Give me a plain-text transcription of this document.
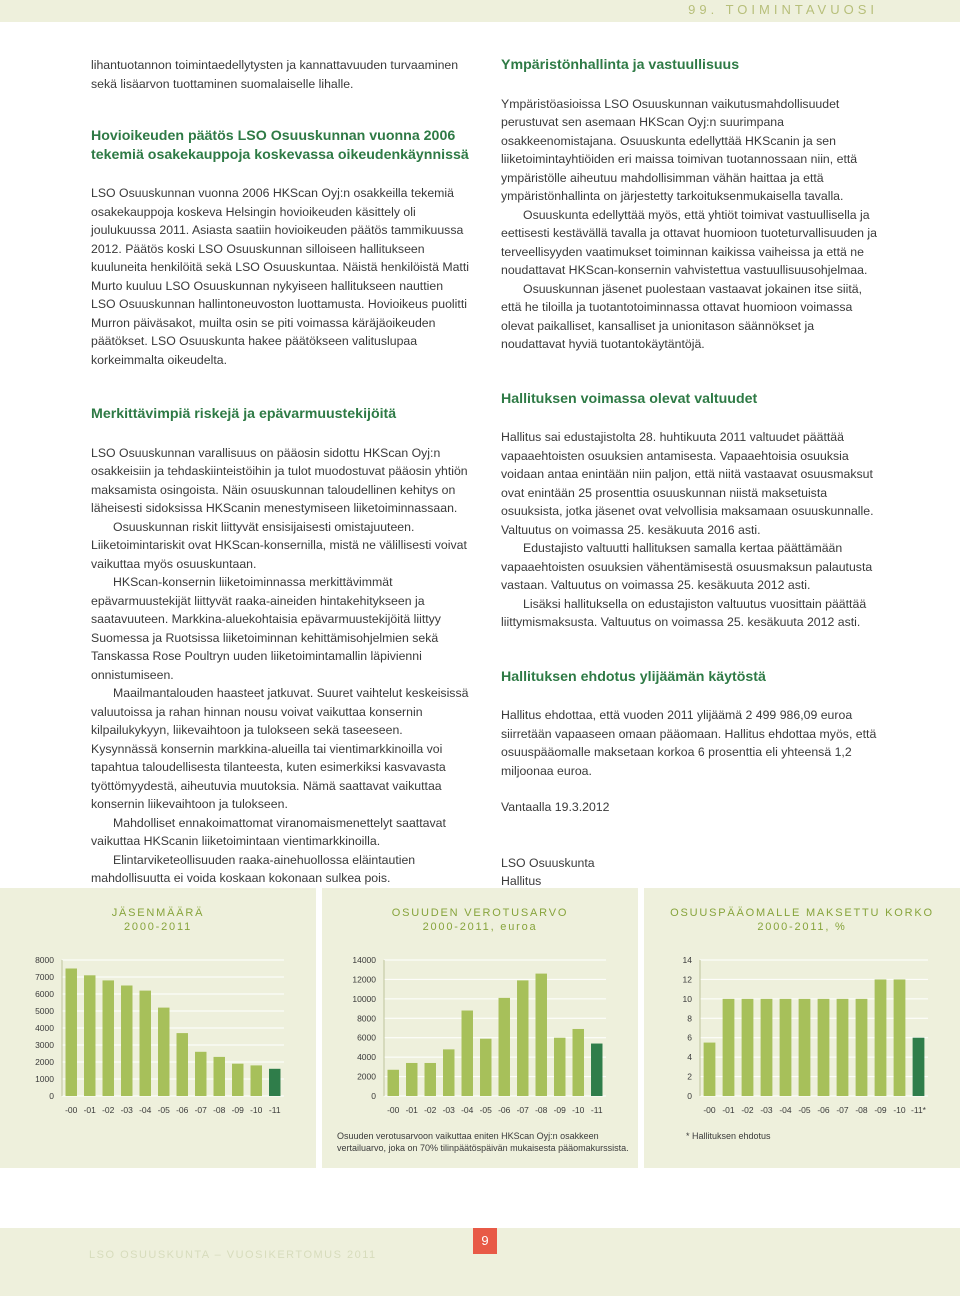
99. TOIMINTAVUOSI

lihantuotannon toimintaedellytysten ja kannattavuuden turvaaminen sekä lisäarvon tuottaminen suomalaiselle lihalle.

Hovioikeuden päätös LSO Osuuskunnan vuonna 2006 tekemiä osakekauppoja koskevassa oikeudenkäynnissä

LSO Osuuskunnan vuonna 2006 HKScan Oyj:n osakkeilla tekemiä osakekauppoja koskeva Helsingin hovioikeuden käsittely oli joulukuussa 2011. Asiasta saatiin hovioikeuden päätös tammikuussa 2012. Päätös koski LSO Osuuskunnan silloiseen hallitukseen kuuluneita henkilöitä sekä LSO Osuuskuntaa. Näistä henkilöistä Matti Murto kuuluu LSO Osuuskunnan nykyiseen hallitukseen nauttien LSO Osuuskunnan hallintoneuvoston luottamusta. Hovioikeus puolitti Murron päiväsakot, muilta osin se piti voimassa käräjäoikeuden päätökset. LSO Osuuskunta hakee päätökseen valituslupaa korkeimmalta oikeudelta.

Merkittävimpiä riskejä ja epävarmuustekijöitä

LSO Osuuskunnan varallisuus on pääosin sidottu HKScan Oyj:n osakkeisiin ja tehdaskiinteistöihin ja tulot muodostuvat pääosin yhtiön maksamista osingoista. Näin osuuskunnan taloudellinen kehitys on läheisesti sidoksissa HKScanin menestymiseen liiketoiminnassaan.

Osuuskunnan riskit liittyvät ensisijaisesti omistajuuteen. Liiketoimintariskit ovat HKScan-konsernilla, mistä ne välillisesti voivat vaikuttaa myös osuuskuntaan.

HKScan-konsernin liiketoiminnassa merkittävimmät epävarmuustekijät liittyvät raaka-aineiden hintakehitykseen ja saatavuuteen. Markkina-aluekohtaisia epävarmuustekijöitä liittyy Suomessa ja Ruotsissa liiketoiminnan kehittämisohjelmien sekä Tanskassa Rose Poultryn uuden liiketoimintamallin läpivienni onnistumiseen.

Maailmantalouden haasteet jatkuvat. Suuret vaihtelut keskeisissä valuutoissa ja rahan hinnan nousu voivat vaikuttaa konsernin kilpailukykyyn, liikevaihtoon ja tulokseen sekä taseeseen. Kysynnässä konsernin markkina-alueilla tai vientimarkkinoilla voi tapahtua taloudellisesta tilanteesta, kuten esimerkiksi kasvavasta työttömyydestä, aiheutuvia muutoksia. Nämä saattavat vaikuttaa konsernin liikevaihtoon ja tulokseen.

Mahdolliset ennakoimattomat viranomaismenettelyt saattavat vaikuttaa HKScanin liiketoimintaan vientimarkkinoilla.

Elintarviketeollisuuden raaka-ainehuollossa eläintautien mahdollisuutta ei voida koskaan kokonaan sulkea pois.

Ympäristönhallinta ja vastuullisuus

Ympäristöasioissa LSO Osuuskunnan vaikutusmahdollisuudet perustuvat sen asemaan HKScan Oyj:n suurimpana osakkeenomistajana. Osuuskunta edellyttää HKScanin ja sen liiketoimintayhtiöiden eri maissa toimivan tuotannossaan niin, että ympäristölle aiheutuu mahdollisimman vähän haittaa ja että ympäristönhallinta on järjestetty tarkoituksenmukaisella tavalla.

Osuuskunta edellyttää myös, että yhtiöt toimivat vastuullisella ja eettisesti kestävällä tavalla ja ottavat huomioon tuoteturvallisuuden ja terveellisyyden vaatimukset toiminnan kaikissa vaiheissa ja että ne noudattavat HKScan-konsernin vahvistettua vastuullisuusohjelmaa.

Osuuskunnan jäsenet puolestaan vastaavat jokainen itse siitä, että he tiloilla ja tuotantotoiminnassa ottavat huomioon voimassa olevat paikalliset, kansalliset ja unionitason säännökset ja noudattavat hyviä tuotantokäytäntöjä.

Hallituksen voimassa olevat valtuudet

Hallitus sai edustajistolta 28. huhtikuuta 2011 valtuudet päättää vapaaehtoisten osuuksien antamisesta. Vapaaehtoisia osuuksia voidaan antaa enintään niin paljon, että niitä vastaavat osuusmaksut ovat enintään 25 prosenttia osuuskunnan niistä maksetuista osuuksista, jotka jäsenet ovat velvollisia maksamaan osuuskunnalle. Valtuutus on voimassa 25. kesäkuuta 2016 asti.

Edustajisto valtuutti hallituksen samalla kertaa päättämään vapaaehtoisten osuuksien vähentämisestä osuusmaksun palautusta vastaan. Valtuutus on voimassa 25. kesäkuuta 2012 asti.

Lisäksi hallituksella on edustajiston valtuutus vuosittain päättää liittymismaksusta. Valtuutus on voimassa 25. kesäkuuta 2012 asti.

Hallituksen ehdotus ylijäämän käytöstä

Hallitus ehdottaa, että vuoden 2011 ylijäämä 2 499 986,09 euroa siirretään vapaaseen omaan pääomaan. Hallitus ehdottaa myös, että osuuspääomalle maksetaan korkoa 6 prosenttia eli yhteensä 1,2 miljoonaa euroa.

Vantaalla 19.3.2012

LSO Osuuskunta

Hallitus

JÄSENMÄÄRÄ
2000-2011
0
1000
2000
3000
4000
5000
6000
7000
8000
-00 -01 -02 -03 -04 -05 -06 -07 -08 -09 -10 -11
OSUUDEN VEROTUSARVO
2000-2011, euroa
0
2000
4000
6000
8000
10000
12000
14000
-00 -01 -02 -03 -04 -05 -06 -07 -08 -09 -10 -11
Osuuden verotusarvoon vaikuttaa eniten HKScan Oyj:n osakkeen vertailuarvo, joka on 70% tilinpäätöspäivän mukaisesta pääomakurssista.
OSUUSPÄÄOMALLE MAKSETTU KORKO
2000-2011, %
0
2
4
6
8
10
12
14
-00 -01 -02 -03 -04 -05 -06 -07 -08 -09 -10 -11*
* Hallituksen ehdotus
LSO OSUUSKUNTA – VUOSIKERTOMUS 2011
9
